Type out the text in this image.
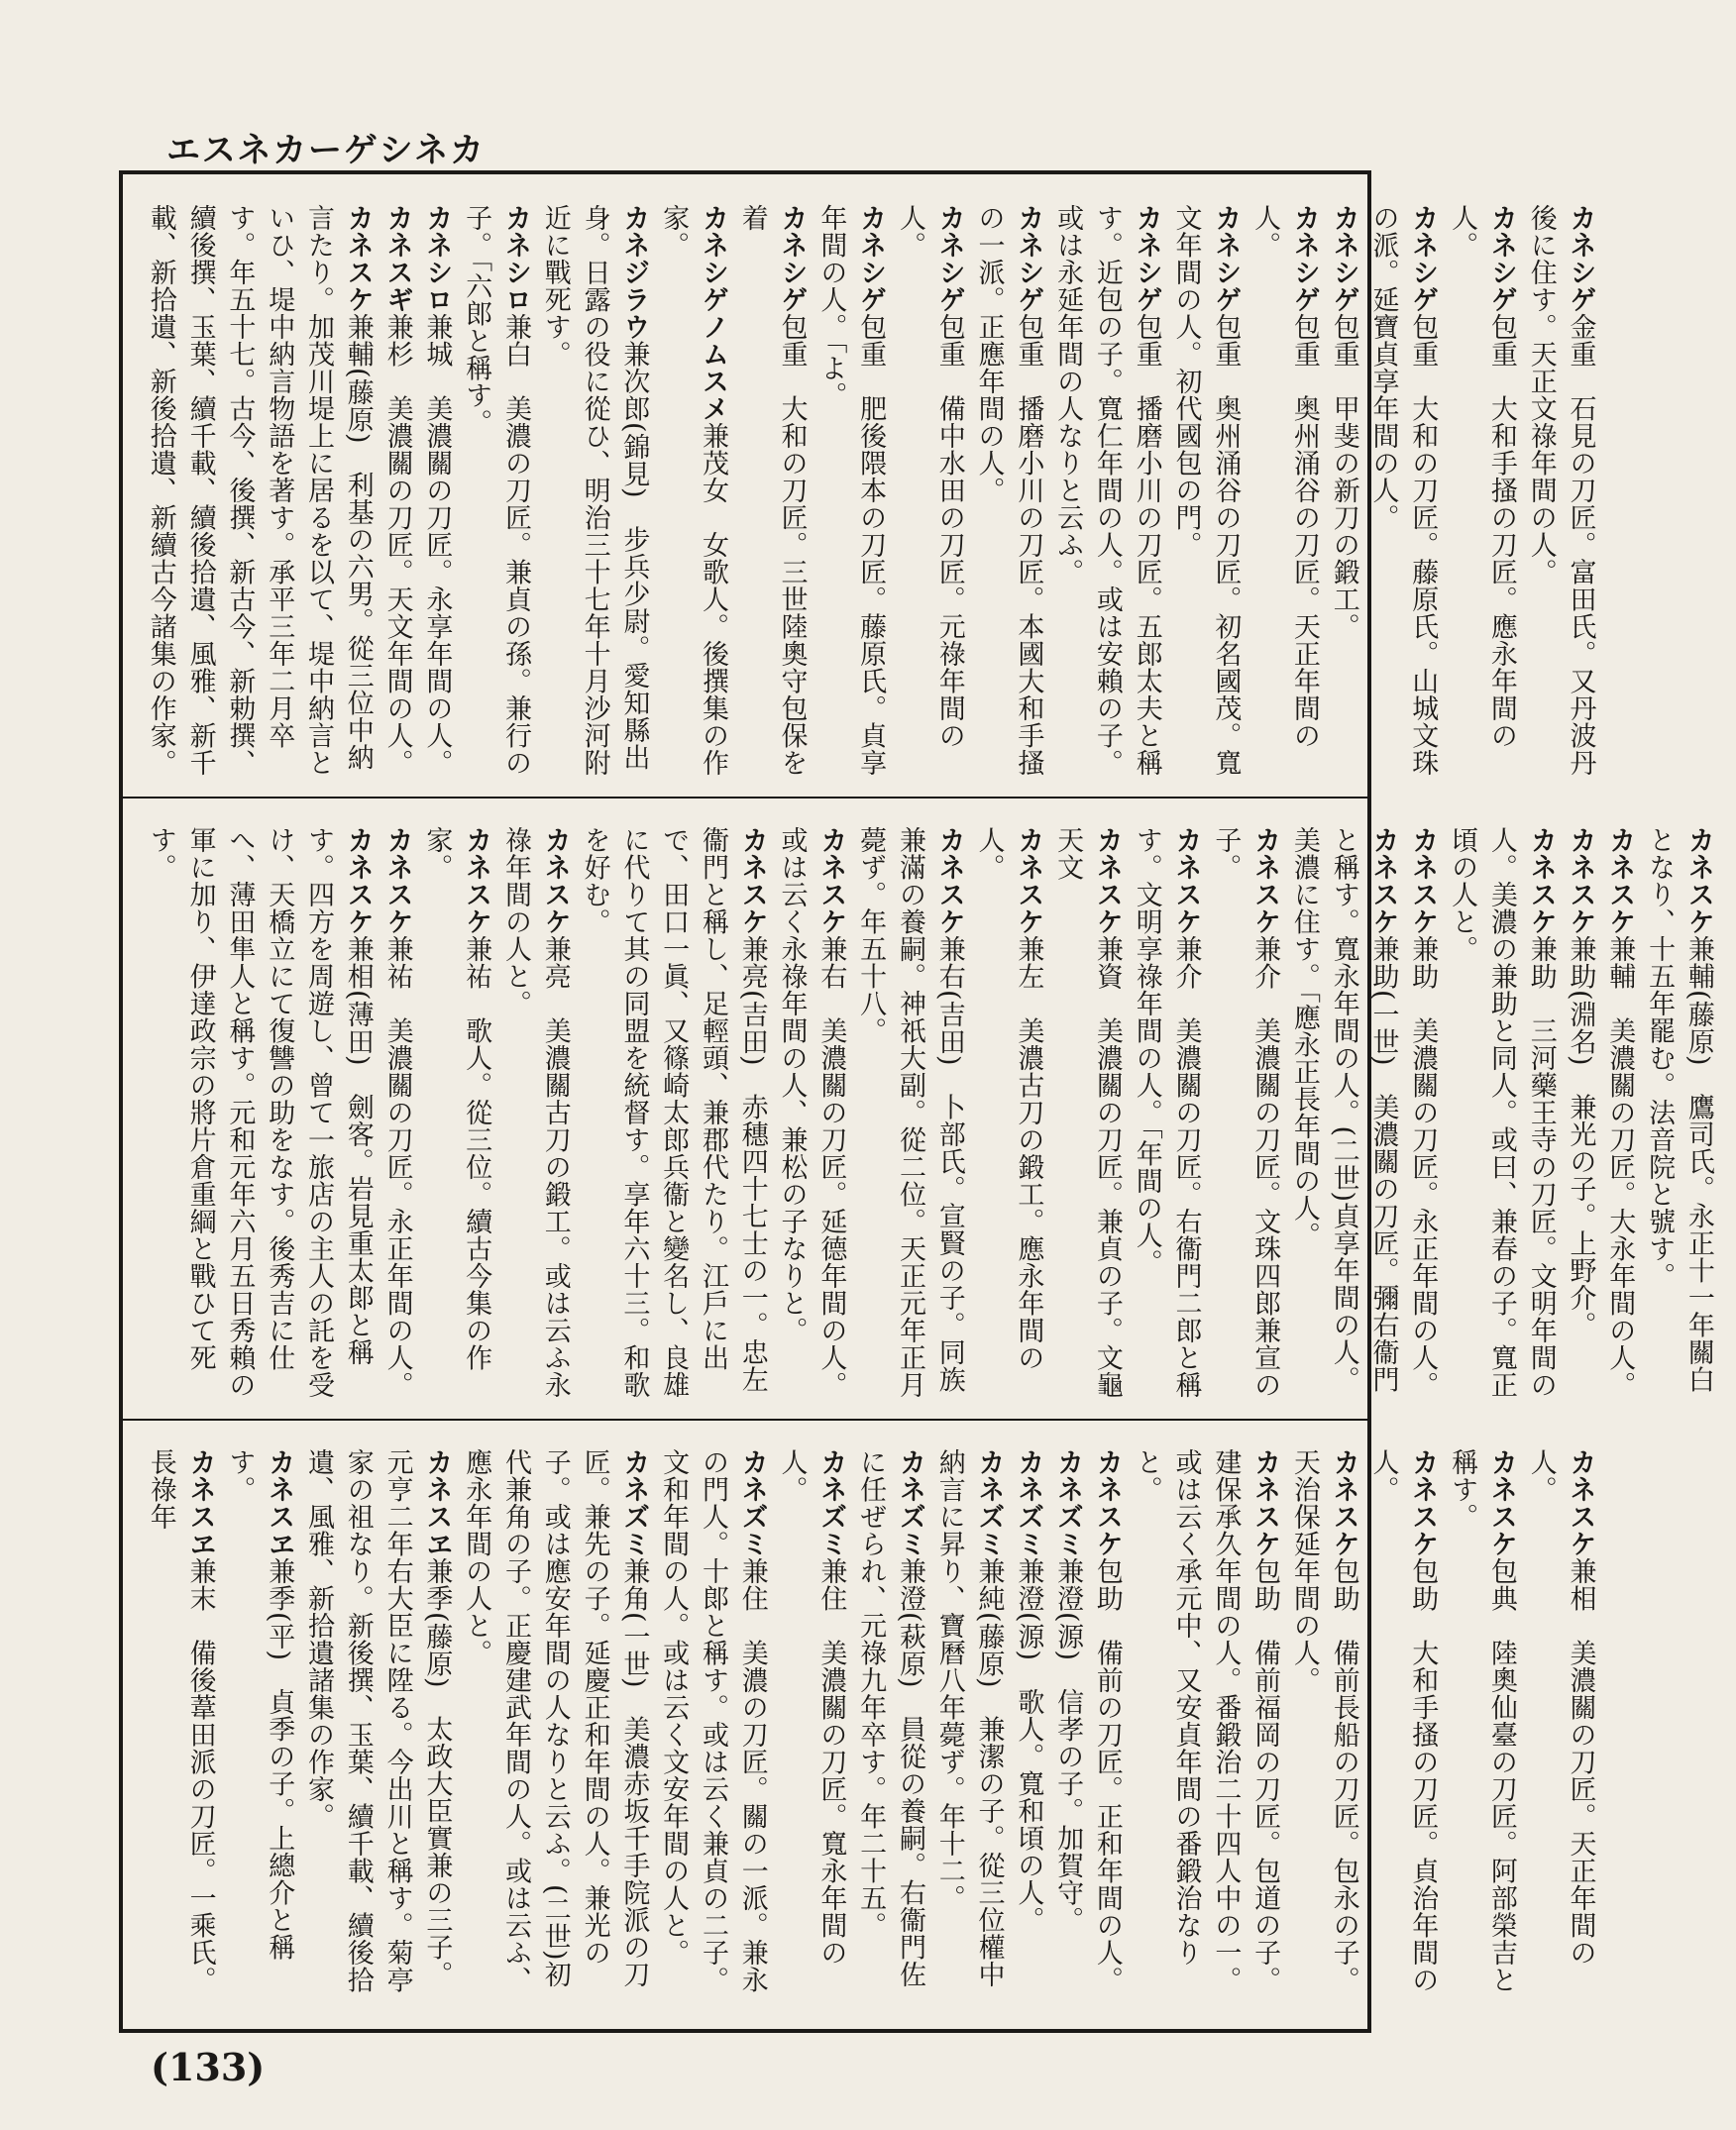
エ ス ネ カ ー ゲ シ ネ カ

カネシゲ金重　石見の刀匠。富田氏。又丹波丹後に住す。天正文祿年間の人。

カネシゲ包重　大和手搔の刀匠。應永年間の人。

カネシゲ包重　大和の刀匠。藤原氏。山城文珠の派。延寶貞享年間の人。

カネシゲ包重　甲斐の新刀の鍛工。

カネシゲ包重　奥州涌谷の刀匠。天正年間の人。

カネシゲ包重　奥州涌谷の刀匠。初名國茂。寬文年間の人。初代國包の門。

カネシゲ包重　播磨小川の刀匠。五郎太夫と稱す。近包の子。寬仁年間の人。或は安賴の子。或は永延年間の人なりと云ふ。

カネシゲ包重　播磨小川の刀匠。本國大和手搔の一派。正應年間の人。

カネシゲ包重　備中水田の刀匠。元祿年間の人。

カネシゲ包重　肥後隈本の刀匠。藤原氏。貞享年間の人。「よ。

カネシゲ包重　大和の刀匠。三世陸奧守包保を着

カネシゲノムスメ兼茂女　女歌人。後撰集の作家。

カネジラウ兼次郎(錦見)　步兵少尉。愛知縣出身。日露の役に從ひ、明治三十七年十月沙河附近に戰死す。

カネシロ兼白　美濃の刀匠。兼貞の孫。兼行の子。「六郎と稱す。

カネシロ兼城　美濃關の刀匠。永享年間の人。

カネスギ兼杉　美濃關の刀匠。天文年間の人。

カネスケ兼輔(藤原)　利基の六男。從三位中納言たり。加茂川堤上に居るを以て、堤中納言といひ、堤中納言物語を著す。承平三年二月卒す。年五十七。古今、後撰、新古今、新勅撰、續後撰、玉葉、續千載、續後拾遺、風雅、新千載、新拾遺、新後拾遺、新續古今諸集の作家。

カネスケ兼輔(藤原)　鷹司氏。永正十一年關白となり、十五年罷む。法音院と號す。

カネスケ兼輔　美濃關の刀匠。大永年間の人。

カネスケ兼助(淵名)　兼光の子。上野介。

カネスケ兼助　三河藥王寺の刀匠。文明年間の人。美濃の兼助と同人。或曰、兼春の子。寬正頃の人と。

カネスケ兼助　美濃關の刀匠。永正年間の人。

カネスケ兼助(一世)　美濃關の刀匠。彌右衞門と稱す。寬永年間の人。(二世)貞享年間の人。美濃に住す。「應永正長年間の人。

カネスケ兼介　美濃關の刀匠。文珠四郎兼宣の子。

カネスケ兼介　美濃關の刀匠。右衞門二郎と稱す。文明享祿年間の人。「年間の人。

カネスケ兼資　美濃關の刀匠。兼貞の子。文龜天文

カネスケ兼左　美濃古刀の鍛工。應永年間の人。

カネスケ兼右(吉田)　卜部氏。宣賢の子。同族兼滿の養嗣。神祇大副。從二位。天正元年正月薨ず。年五十八。

カネスケ兼右　美濃關の刀匠。延德年間の人。或は云く永祿年間の人、兼松の子なりと。

カネスケ兼亮(吉田)　赤穗四十七士の一。忠左衞門と稱し、足輕頭、兼郡代たり。江戶に出で、田口一眞、又篠崎太郎兵衞と變名し、良雄に代りて其の同盟を統督す。享年六十三。和歌を好む。

カネスケ兼亮　美濃關古刀の鍛工。或は云ふ永祿年間の人と。

カネスケ兼祐　歌人。從三位。續古今集の作家。

カネスケ兼祐　美濃關の刀匠。永正年間の人。

カネスケ兼相(薄田)　劍客。岩見重太郞と稱す。四方を周遊し、曾て一旅店の主人の託を受け、天橋立にて復讐の助をなす。後秀吉に仕へ、薄田隼人と稱す。元和元年六月五日秀賴の軍に加り、伊達政宗の將片倉重綱と戰ひて死す。

カネスケ兼相　美濃關の刀匠。天正年間の人。

カネスケ包典　陸奧仙臺の刀匠。阿部榮吉と稱す。

カネスケ包助　大和手搔の刀匠。貞治年間の人。

カネスケ包助　備前長船の刀匠。包永の子。天治保延年間の人。

カネスケ包助　備前福岡の刀匠。包道の子。建保承久年間の人。番鍛治二十四人中の一。或は云く承元中、又安貞年間の番鍛治なりと。

カネスケ包助　備前の刀匠。正和年間の人。

カネズミ兼澄(源)　信孝の子。加賀守。

カネズミ兼澄(源)　歌人。寬和頃の人。

カネズミ兼純(藤原)　兼潔の子。從三位權中納言に昇り、寶曆八年薨ず。年十二。

カネズミ兼澄(萩原)　員從の養嗣。右衞門佐に任ぜられ、元祿九年卒す。年二十五。

カネズミ兼住　美濃關の刀匠。寬永年間の人。

カネズミ兼住　美濃の刀匠。關の一派。兼永の門人。十郞と稱す。或は云く兼貞の二子。文和年間の人。或は云く文安年間の人と。

カネズミ兼角(一世)　美濃赤坂千手院派の刀匠。兼先の子。延慶正和年間の人。兼光の子。或は應安年間の人なりと云ふ。(二世)初代兼角の子。正慶建武年間の人。或は云ふ、應永年間の人と。

カネスヱ兼季(藤原)　太政大臣實兼の三子。元亨二年右大臣に陞る。今出川と稱す。菊亭家の祖なり。新後撰、玉葉、續千載、續後拾遺、風雅、新拾遺諸集の作家。

カネスヱ兼季(平)　貞季の子。上總介と稱す。

カネスヱ兼末　備後葦田派の刀匠。一乘氏。長祿年

(133)
